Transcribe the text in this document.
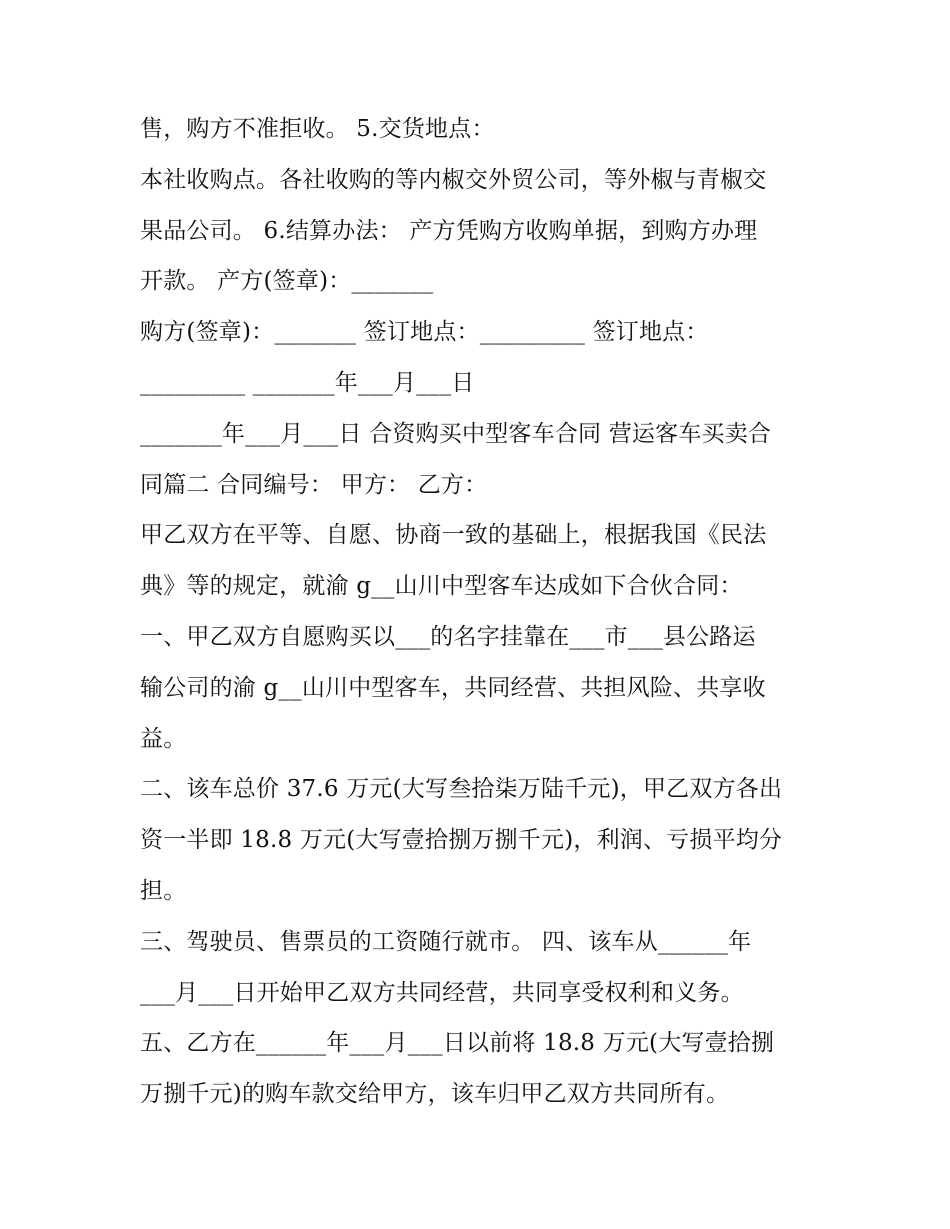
售，购方不准拒收。 5.交货地点：
本社收购点。各社收购的等内椒交外贸公司，等外椒与青椒交
果品公司。 6.结算办法： 产方凭购方收购单据，到购方办理
开款。 产方(签章)：_______
购方(签章)：_______ 签订地点：_________ 签订地点：
_________ _______年___月___日
_______年___月___日 合资购买中型客车合同 营运客车买卖合
同篇二 合同编号： 甲方： 乙方：
甲乙双方在平等、自愿、协商一致的基础上，根据我国《民法
典》等的规定，就渝 g__山川中型客车达成如下合伙合同：
一、甲乙双方自愿购买以___的名字挂靠在___市___县公路运
输公司的渝 g__山川中型客车，共同经营、共担风险、共享收
益。
二、该车总价 37.6 万元(大写叁拾柒万陆千元)，甲乙双方各出
资一半即 18.8 万元(大写壹拾捌万捌千元)，利润、亏损平均分
担。
三、驾驶员、售票员的工资随行就市。 四、该车从______年
___月___日开始甲乙双方共同经营，共同享受权利和义务。
五、乙方在______年___月___日以前将 18.8 万元(大写壹拾捌
万捌千元)的购车款交给甲方，该车归甲乙双方共同所有。
